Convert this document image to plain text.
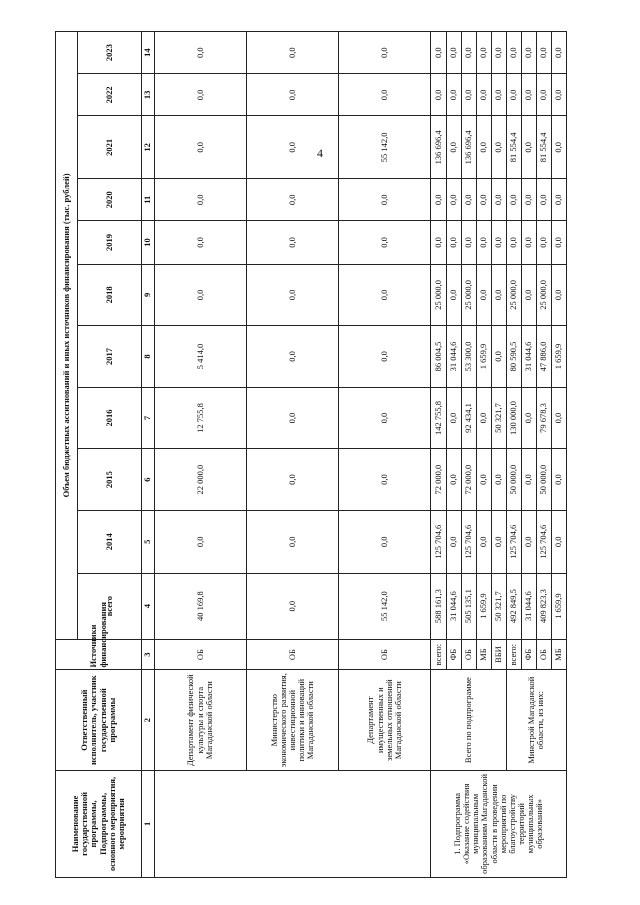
4
Наименование государственной программы, Подпрограммы, основного мероприятия, мероприятия	Ответственный исполнитель, участник государственной программы	Источники финансирования	Объем бюджетных ассигнований и иных источников финансирования (тыс. рублей)										
			всего	2014	2015	2016	2017	2018	2019	2020	2021	2022	2023
1	2	3	4	5	6	7	8	9	10	11	12	13	14
	Департамент физической культуры и спорта Магаданской области	ОБ	40 169,8	0,0	22 000,0	12 755,8	5 414,0	0,0	0,0	0,0	0,0	0,0	0,0
	Министерство экономического развития, инвестиционной политики и инноваций Магаданской области	ОБ	0,0	0,0	0,0	0,0	0,0	0,0	0,0	0,0	0,0	0,0	0,0
	Департамент имущественных и земельных отношений Магаданской области	ОБ	55 142,0	0,0	0,0	0,0	0,0	0,0	0,0	0,0	55 142,0	0,0	0,0
1. Подпрограмма «Оказание содействия муниципальным образованиям Магаданской области в проведении мероприятий по благоустройству территорий муниципальных образований»	Всего по подпрограмме	всего:	588 161,3	125 704,6	72 000,0	142 755,8	86 004,5	25 000,0	0,0	0,0	136 696,4	0,0	0,0
		ФБ	31 044,6	0,0	0,0	0,0	31 044,6	0,0	0,0	0,0	0,0	0,0	0,0
		ОБ	505 135,1	125 704,6	72 000,0	92 434,1	53 300,0	25 000,0	0,0	0,0	136 696,4	0,0	0,0
		МБ	1 659,9	0,0	0,0	0,0	1 659,9	0,0	0,0	0,0	0,0	0,0	0,0
		ВБИ	50 321,7	0,0	0,0	50 321,7	0,0	0,0	0,0	0,0	0,0	0,0	0,0
	Минстрой Магаданской области, из них:	всего:	492 849,5	125 704,6	50 000,0	130 000,0	80 590,5	25 000,0	0,0	0,0	81 554,4	0,0	0,0
		ФБ	31 044,6	0,0	0,0	0,0	31 044,6	0,0	0,0	0,0	0,0	0,0	0,0
		ОБ	409 823,3	125 704,6	50 000,0	79 678,3	47 886,0	25 000,0	0,0	0,0	81 554,4	0,0	0,0
		МБ	1 659,9	0,0	0,0	0,0	1 659,9	0,0	0,0	0,0	0,0	0,0	0,0
